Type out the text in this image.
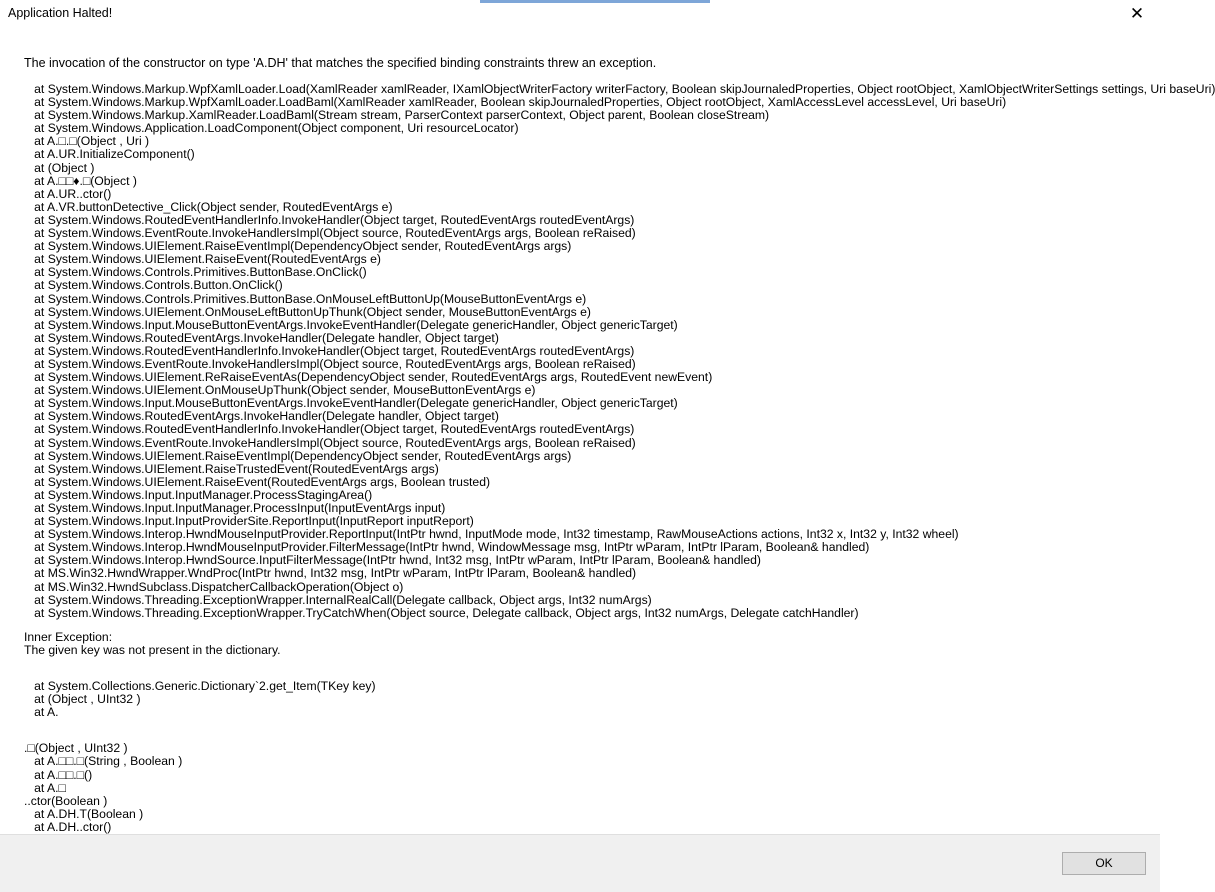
Application Halted!	✕
The invocation of the constructor on type 'A.DH' that matches the specified binding constraints threw an exception.
at System.Windows.Markup.WpfXamlLoader.Load(XamlReader xamlReader, IXamlObjectWriterFactory writerFactory, Boolean skipJournaledProperties, Object rootObject, XamlObjectWriterSettings settings, Uri baseUri)
at System.Windows.Markup.WpfXamlLoader.LoadBaml(XamlReader xamlReader, Boolean skipJournaledProperties, Object rootObject, XamlAccessLevel accessLevel, Uri baseUri)
at System.Windows.Markup.XamlReader.LoadBaml(Stream stream, ParserContext parserContext, Object parent, Boolean closeStream)
at System.Windows.Application.LoadComponent(Object component, Uri resourceLocator)
at A.□.□(Object , Uri )
at A.UR.InitializeComponent()
at (Object )
at A.□□♦.□(Object )
at A.UR..ctor()
at A.VR.buttonDetective_Click(Object sender, RoutedEventArgs e)
at System.Windows.RoutedEventHandlerInfo.InvokeHandler(Object target, RoutedEventArgs routedEventArgs)
at System.Windows.EventRoute.InvokeHandlersImpl(Object source, RoutedEventArgs args, Boolean reRaised)
at System.Windows.UIElement.RaiseEventImpl(DependencyObject sender, RoutedEventArgs args)
at System.Windows.UIElement.RaiseEvent(RoutedEventArgs e)
at System.Windows.Controls.Primitives.ButtonBase.OnClick()
at System.Windows.Controls.Button.OnClick()
at System.Windows.Controls.Primitives.ButtonBase.OnMouseLeftButtonUp(MouseButtonEventArgs e)
at System.Windows.UIElement.OnMouseLeftButtonUpThunk(Object sender, MouseButtonEventArgs e)
at System.Windows.Input.MouseButtonEventArgs.InvokeEventHandler(Delegate genericHandler, Object genericTarget)
at System.Windows.RoutedEventArgs.InvokeHandler(Delegate handler, Object target)
at System.Windows.RoutedEventHandlerInfo.InvokeHandler(Object target, RoutedEventArgs routedEventArgs)
at System.Windows.EventRoute.InvokeHandlersImpl(Object source, RoutedEventArgs args, Boolean reRaised)
at System.Windows.UIElement.ReRaiseEventAs(DependencyObject sender, RoutedEventArgs args, RoutedEvent newEvent)
at System.Windows.UIElement.OnMouseUpThunk(Object sender, MouseButtonEventArgs e)
at System.Windows.Input.MouseButtonEventArgs.InvokeEventHandler(Delegate genericHandler, Object genericTarget)
at System.Windows.RoutedEventArgs.InvokeHandler(Delegate handler, Object target)
at System.Windows.RoutedEventHandlerInfo.InvokeHandler(Object target, RoutedEventArgs routedEventArgs)
at System.Windows.EventRoute.InvokeHandlersImpl(Object source, RoutedEventArgs args, Boolean reRaised)
at System.Windows.UIElement.RaiseEventImpl(DependencyObject sender, RoutedEventArgs args)
at System.Windows.UIElement.RaiseTrustedEvent(RoutedEventArgs args)
at System.Windows.UIElement.RaiseEvent(RoutedEventArgs args, Boolean trusted)
at System.Windows.Input.InputManager.ProcessStagingArea()
at System.Windows.Input.InputManager.ProcessInput(InputEventArgs input)
at System.Windows.Input.InputProviderSite.ReportInput(InputReport inputReport)
at System.Windows.Interop.HwndMouseInputProvider.ReportInput(IntPtr hwnd, InputMode mode, Int32 timestamp, RawMouseActions actions, Int32 x, Int32 y, Int32 wheel)
at System.Windows.Interop.HwndMouseInputProvider.FilterMessage(IntPtr hwnd, WindowMessage msg, IntPtr wParam, IntPtr lParam, Boolean& handled)
at System.Windows.Interop.HwndSource.InputFilterMessage(IntPtr hwnd, Int32 msg, IntPtr wParam, IntPtr lParam, Boolean& handled)
at MS.Win32.HwndWrapper.WndProc(IntPtr hwnd, Int32 msg, IntPtr wParam, IntPtr lParam, Boolean& handled)
at MS.Win32.HwndSubclass.DispatcherCallbackOperation(Object o)
at System.Windows.Threading.ExceptionWrapper.InternalRealCall(Delegate callback, Object args, Int32 numArgs)
at System.Windows.Threading.ExceptionWrapper.TryCatchWhen(Object source, Delegate callback, Object args, Int32 numArgs, Delegate catchHandler)
Inner Exception:
The given key was not present in the dictionary.
at System.Collections.Generic.Dictionary`2.get_Item(TKey key)
at (Object , UInt32 )
at A.
.□(Object , UInt32 )
at A.□□.□(String , Boolean )
at A.□□.□()
at A.□
..ctor(Boolean )
at A.DH.T(Boolean )
at A.DH..ctor()
OK
